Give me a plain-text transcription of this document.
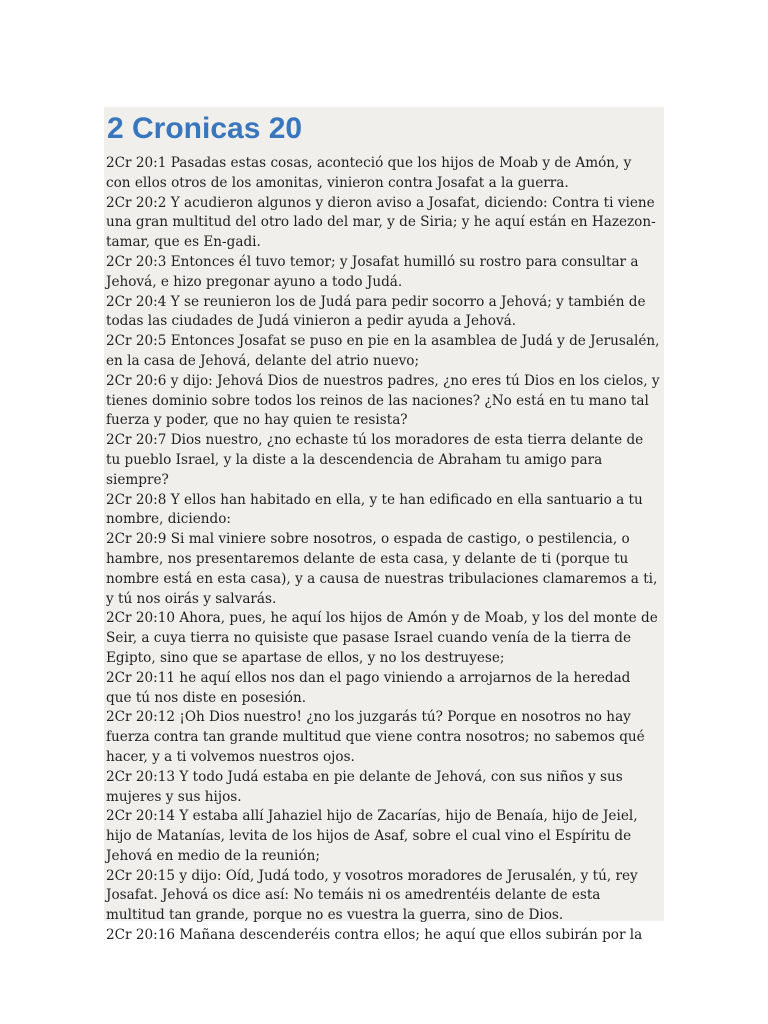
2 Cronicas 20

2Cr 20:1 Pasadas estas cosas, aconteció que los hijos de Moab y de Amón, y con ellos otros de los amonitas, vinieron contra Josafat a la guerra.

2Cr 20:2 Y acudieron algunos y dieron aviso a Josafat, diciendo: Contra ti viene una gran multitud del otro lado del mar, y de Siria; y he aquí están en Hazezon-tamar, que es En-gadi.

2Cr 20:3 Entonces él tuvo temor; y Josafat humilló su rostro para consultar a Jehová, e hizo pregonar ayuno a todo Judá.

2Cr 20:4 Y se reunieron los de Judá para pedir socorro a Jehová; y también de todas las ciudades de Judá vinieron a pedir ayuda a Jehová.

2Cr 20:5 Entonces Josafat se puso en pie en la asamblea de Judá y de Jerusalén, en la casa de Jehová, delante del atrio nuevo;

2Cr 20:6 y dijo: Jehová Dios de nuestros padres, ¿no eres tú Dios en los cielos, y tienes dominio sobre todos los reinos de las naciones? ¿No está en tu mano tal fuerza y poder, que no hay quien te resista?

2Cr 20:7 Dios nuestro, ¿no echaste tú los moradores de esta tierra delante de tu pueblo Israel, y la diste a la descendencia de Abraham tu amigo para siempre?

2Cr 20:8 Y ellos han habitado en ella, y te han edificado en ella santuario a tu nombre, diciendo:

2Cr 20:9 Si mal viniere sobre nosotros, o espada de castigo, o pestilencia, o hambre, nos presentaremos delante de esta casa, y delante de ti (porque tu nombre está en esta casa), y a causa de nuestras tribulaciones clamaremos a ti, y tú nos oirás y salvarás.

2Cr 20:10 Ahora, pues, he aquí los hijos de Amón y de Moab, y los del monte de Seir, a cuya tierra no quisiste que pasase Israel cuando venía de la tierra de Egipto, sino que se apartase de ellos, y no los destruyese;

2Cr 20:11 he aquí ellos nos dan el pago viniendo a arrojarnos de la heredad que tú nos diste en posesión.

2Cr 20:12 ¡Oh Dios nuestro! ¿no los juzgarás tú? Porque en nosotros no hay fuerza contra tan grande multitud que viene contra nosotros; no sabemos qué hacer, y a ti volvemos nuestros ojos.

2Cr 20:13 Y todo Judá estaba en pie delante de Jehová, con sus niños y sus mujeres y sus hijos.

2Cr 20:14 Y estaba allí Jahaziel hijo de Zacarías, hijo de Benaía, hijo de Jeiel, hijo de Matanías, levita de los hijos de Asaf, sobre el cual vino el Espíritu de Jehová en medio de la reunión;

2Cr 20:15 y dijo: Oíd, Judá todo, y vosotros moradores de Jerusalén, y tú, rey Josafat. Jehová os dice así: No temáis ni os amedrentéis delante de esta multitud tan grande, porque no es vuestra la guerra, sino de Dios.

2Cr 20:16 Mañana descenderéis contra ellos; he aquí que ellos subirán por la
